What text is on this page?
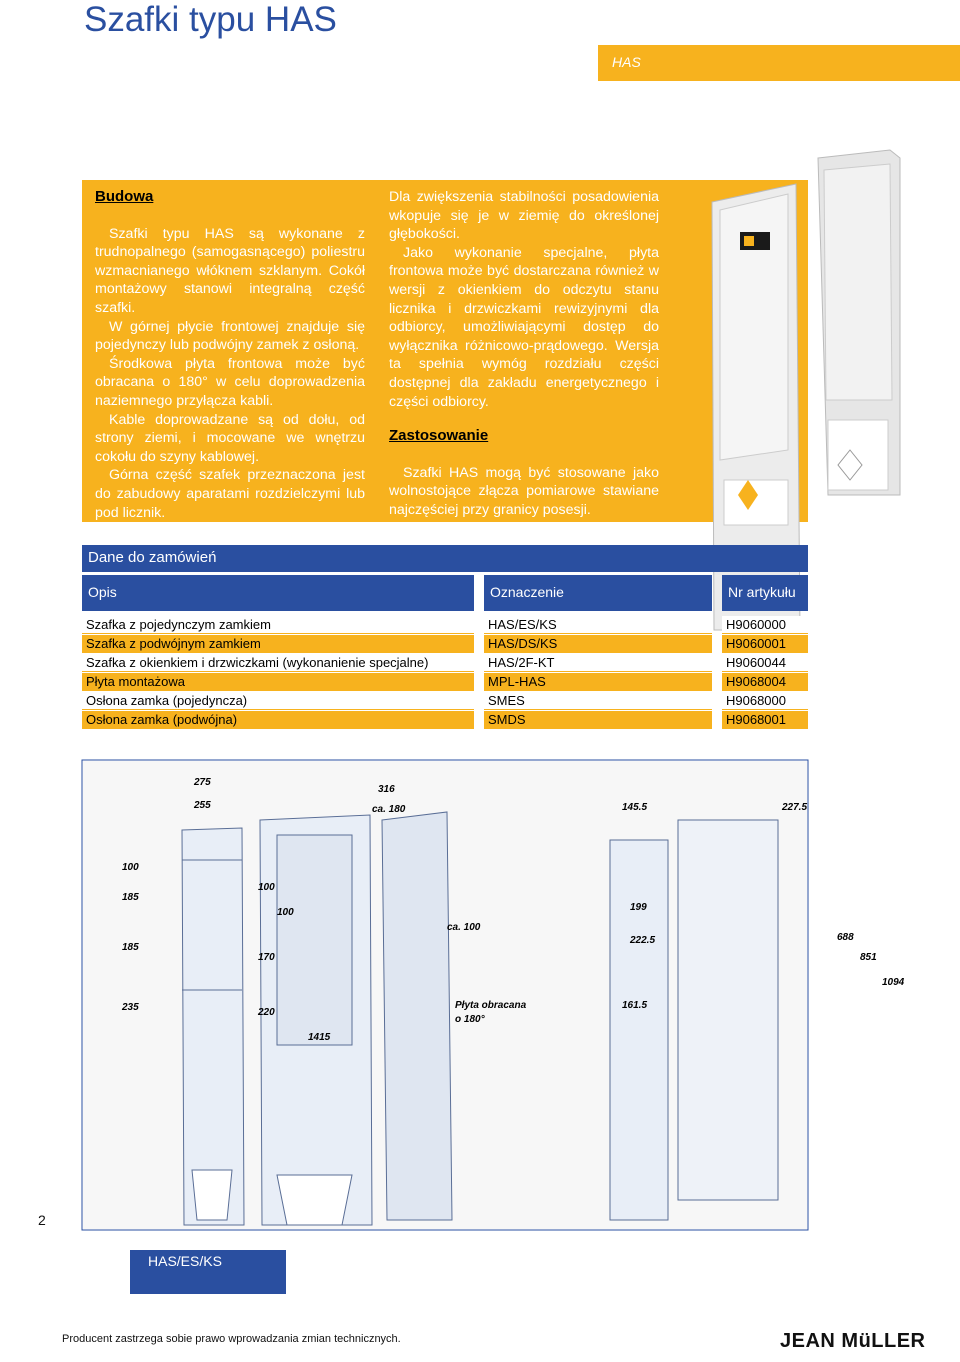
Szafki typu HAS
HAS
Budowa

Szafki typu HAS są wykonane z trudnopalnego (samogasnącego) poliestru wzmacnianego włóknem szklanym. Cokół montażowy stanowi integralną część szafki.

W górnej płycie frontowej znajduje się pojedynczy lub podwójny zamek z osłoną.

Środkowa płyta frontowa może być obracana o 180° w celu doprowadzenia naziemnego przyłącza kabli.

Kable doprowadzane są od dołu, od strony ziemi, i mocowane we wnętrzu cokołu do szyny kablowej.

Górna część szafek przeznaczona jest do zabudowy aparatami rozdzielczymi lub pod licznik.

Dla zwiększenia stabilności posadowienia wkopuje się je w ziemię do określonej głębokości.

Jako wykonanie specjalne, płyta frontowa może być dostarczana również w wersji z okienkiem do odczytu stanu licznika i drzwiczkami rewizyjnymi dla odbiorcy, umożliwiającymi dostęp do wyłącznika różnicowo-prądowego. Wersja ta spełnia wymóg rozdziału części dostępnej dla zakładu energetycznego i części odbiorcy.

Zastosowanie

Szafki HAS mogą być stosowane jako wolnostojące złącza pomiarowe stawiane najczęściej przy granicy posesji.

Dane do zamówień
Opis	Oznaczenie	Nr artykułu
Szafka z pojedynczym zamkiem	HAS/ES/KS	H9060000
Szafka z podwójnym zamkiem	HAS/DS/KS	H9060001
Szafka z okienkiem i drzwiczkami (wykonanienie specjalne)	HAS/2F-KT	H9060044
Płyta montażowa	MPL-HAS	H9068004
Osłona zamka (pojedyncza)	SMES	H9068000
Osłona zamka (podwójna)	SMDS	H9068001
275
255
316
ca. 180	145.5	227.5
100
185
185
235
100
100
170
220
1415
ca. 100
199
222.5
161.5
688
851
1094
Płyta obracana
o 180°
2
HAS/ES/KS
Producent zastrzega sobie prawo wprowadzania zmian technicznych.	JEAN MüLLER
